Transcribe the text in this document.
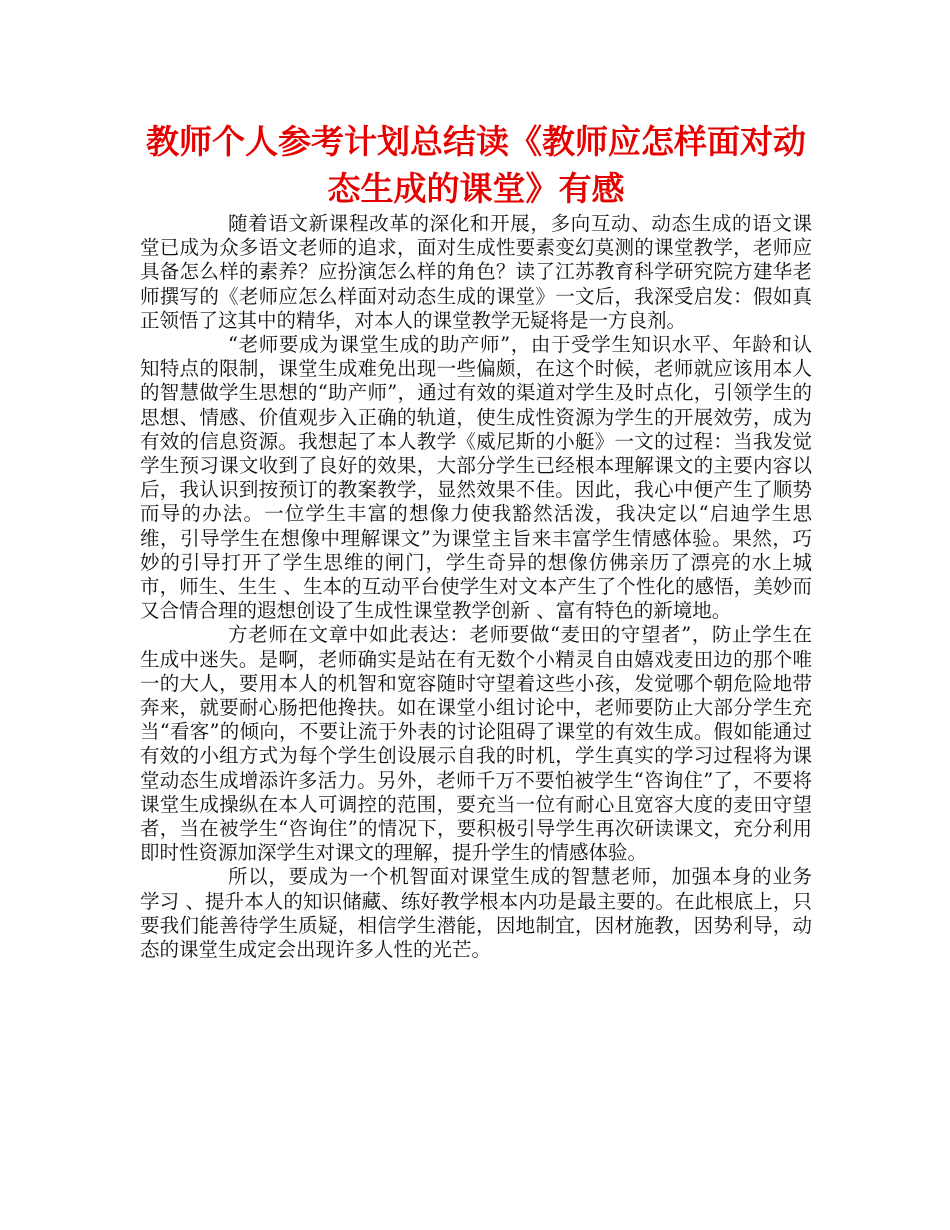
教师个人参考计划总结读《教师应怎样面对动态生成的课堂》有感

随着语文新课程改革的深化和开展，多向互动、动态生成的语文课堂已成为众多语文老师的追求，面对生成性要素变幻莫测的课堂教学，老师应具备怎么样的素养？应扮演怎么样的角色？读了江苏教育科学研究院方建华老师撰写的《老师应怎么样面对动态生成的课堂》一文后，我深受启发：假如真正领悟了这其中的精华，对本人的课堂教学无疑将是一方良剂。

“老师要成为课堂生成的助产师”，由于受学生知识水平、年龄和认知特点的限制，课堂生成难免出现一些偏颇，在这个时候，老师就应该用本人的智慧做学生思想的“助产师”，通过有效的渠道对学生及时点化，引领学生的思想、情感、价值观步入正确的轨道，使生成性资源为学生的开展效劳，成为有效的信息资源。我想起了本人教学《威尼斯的小艇》一文的过程：当我发觉学生预习课文收到了良好的效果，大部分学生已经根本理解课文的主要内容以后，我认识到按预订的教案教学，显然效果不佳。因此，我心中便产生了顺势而导的办法。一位学生丰富的想像力使我豁然活泼，我决定以“启迪学生思维，引导学生在想像中理解课文”为课堂主旨来丰富学生情感体验。果然，巧妙的引导打开了学生思维的闸门，学生奇异的想像仿佛亲历了漂亮的水上城市，师生、生生 、生本的互动平台使学生对文本产生了个性化的感悟，美妙而又合情合理的遐想创设了生成性课堂教学创新 、富有特色的新境地。

方老师在文章中如此表达：老师要做“麦田的守望者”，防止学生在生成中迷失。是啊，老师确实是站在有无数个小精灵自由嬉戏麦田边的那个唯一的大人，要用本人的机智和宽容随时守望着这些小孩，发觉哪个朝危险地带奔来，就要耐心肠把他搀扶。如在课堂小组讨论中，老师要防止大部分学生充当“看客”的倾向，不要让流于外表的讨论阻碍了课堂的有效生成。假如能通过有效的小组方式为每个学生创设展示自我的时机，学生真实的学习过程将为课堂动态生成增添许多活力。另外，老师千万不要怕被学生“咨询住”了，不要将课堂生成操纵在本人可调控的范围，要充当一位有耐心且宽容大度的麦田守望者，当在被学生“咨询住”的情况下，要积极引导学生再次研读课文，充分利用即时性资源加深学生对课文的理解，提升学生的情感体验。

所以，要成为一个机智面对课堂生成的智慧老师，加强本身的业务学习 、提升本人的知识储藏、练好教学根本内功是最主要的。在此根底上，只要我们能善待学生质疑，相信学生潜能，因地制宜，因材施教，因势利导，动态的课堂生成定会出现许多人性的光芒。
